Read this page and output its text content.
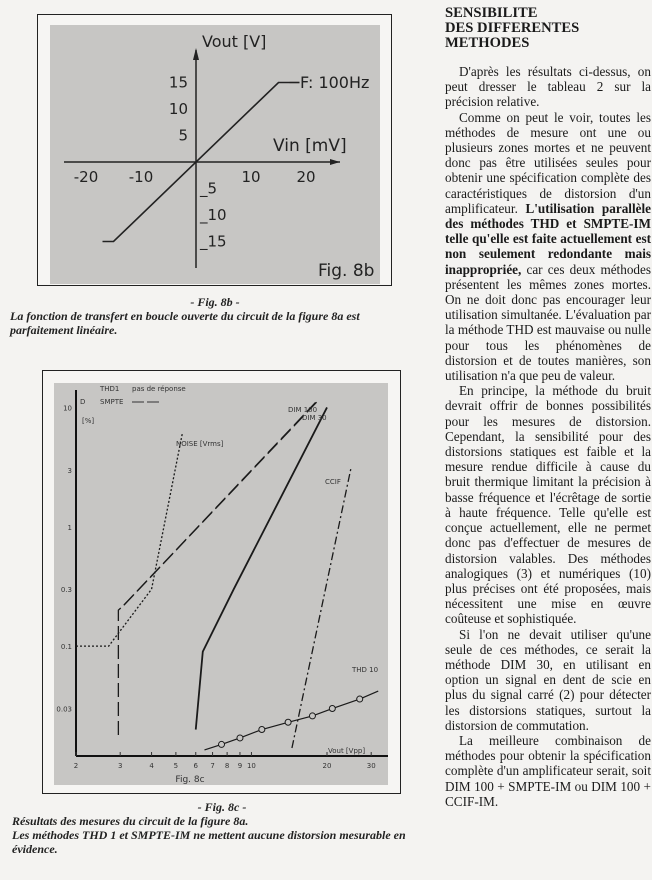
-20 -10	10 20
15
10
5
_5
_10
_15
F: 100Hz
Vout [V]
Vin [mV]
Fig. 8b
- Fig. 8b -
La fonction de transfert en boucle ouverte du circuit de la figure 8a est parfaitement linéaire.
2	3	4	5 6 7 8 9 10	20	30
10
3
1
0.3
0.1
0.03
[%]
Vout [Vpp]
THD1 pas de réponse
D SMPTE
NOISE [Vrms]
DIM 100
DIM 30
CCIF
THD 10
Fig. 8c
- Fig. 8c -
Résultats des mesures du circuit de la figure 8a.
Les méthodes THD 1 et SMPTE-IM ne mettent aucune distorsion mesurable en évidence.
SENSIBILITE
DES DIFFERENTES
METHODES

D'après les résultats ci-dessus, on peut dresser le tableau 2 sur la précision relative.

Comme on peut le voir, toutes les méthodes de mesure ont une ou plusieurs zones mortes et ne peuvent donc pas être utilisées seules pour obtenir une spécification complète des caractéristiques de distorsion d'un amplificateur. L'utilisation parallèle des méthodes THD et SMPTE-IM telle qu'elle est faite actuellement est non seulement redondante mais inappropriée, car ces deux méthodes présentent les mêmes zones mortes. On ne doit donc pas encourager leur utilisation simultanée. L'évaluation par la méthode THD est mauvaise ou nulle pour tous les phénomènes de distorsion et de toutes manières, son utilisation n'a que peu de valeur.

En principe, la méthode du bruit devrait offrir de bonnes possibilités pour les mesures de distorsion. Cependant, la sensibilité pour des distorsions statiques est faible et la mesure rendue difficile à cause du bruit thermique limitant la précision à basse fréquence et l'écrêtage de sortie à haute fréquence. Telle qu'elle est conçue actuellement, elle ne permet donc pas d'effectuer de mesures de distorsion valables. Des méthodes analogiques (3) et numériques (10) plus précises ont été proposées, mais nécessitent une mise en œuvre coûteuse et sophistiquée.

Si l'on ne devait utiliser qu'une seule de ces méthodes, ce serait la méthode DIM 30, en utilisant en option un signal en dent de scie en plus du signal carré (2) pour détecter les distorsions statiques, surtout la distorsion de commutation.

La meilleure combinaison de méthodes pour obtenir la spécification complète d'un amplificateur serait, soit DIM 100 + SMPTE-IM ou DIM 100 + CCIF-IM.
